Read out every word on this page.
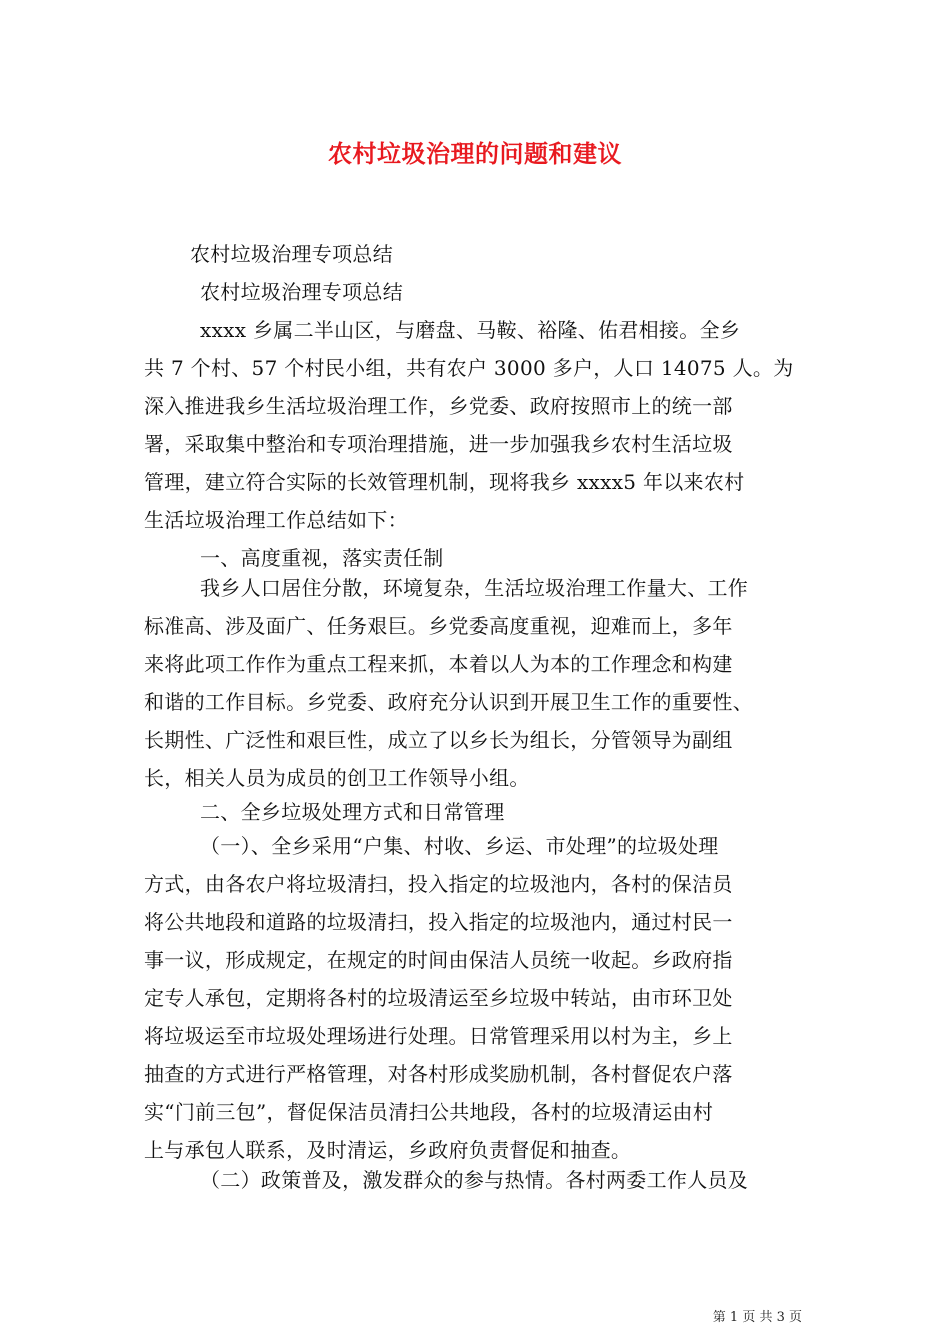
农村垃圾治理的问题和建议

农村垃圾治理专项总结

农村垃圾治理专项总结

xxxx 乡属二半山区，与磨盘、马鞍、裕隆、佑君相接。全乡

共 7 个村、57 个村民小组，共有农户 3000 多户，人口 14075 人。为

深入推进我乡生活垃圾治理工作，乡党委、政府按照市上的统一部

署，采取集中整治和专项治理措施，进一步加强我乡农村生活垃圾

管理，建立符合实际的长效管理机制，现将我乡 xxxx5 年以来农村

生活垃圾治理工作总结如下：

一、高度重视，落实责任制

我乡人口居住分散，环境复杂，生活垃圾治理工作量大、工作

标准高、涉及面广、任务艰巨。乡党委高度重视，迎难而上，多年

来将此项工作作为重点工程来抓，本着以人为本的工作理念和构建

和谐的工作目标。乡党委、政府充分认识到开展卫生工作的重要性、

长期性、广泛性和艰巨性，成立了以乡长为组长，分管领导为副组

长，相关人员为成员的创卫工作领导小组。

二、全乡垃圾处理方式和日常管理

（一）、全乡采用“户集、村收、乡运、市处理”的垃圾处理

方式，由各农户将垃圾清扫，投入指定的垃圾池内，各村的保洁员

将公共地段和道路的垃圾清扫，投入指定的垃圾池内，通过村民一

事一议，形成规定，在规定的时间由保洁人员统一收起。乡政府指

定专人承包，定期将各村的垃圾清运至乡垃圾中转站，由市环卫处

将垃圾运至市垃圾处理场进行处理。日常管理采用以村为主，乡上

抽查的方式进行严格管理，对各村形成奖励机制，各村督促农户落

实“门前三包”，督促保洁员清扫公共地段，各村的垃圾清运由村

上与承包人联系，及时清运，乡政府负责督促和抽查。

（二）政策普及，激发群众的参与热情。各村两委工作人员及

第 1 页 共 3 页
